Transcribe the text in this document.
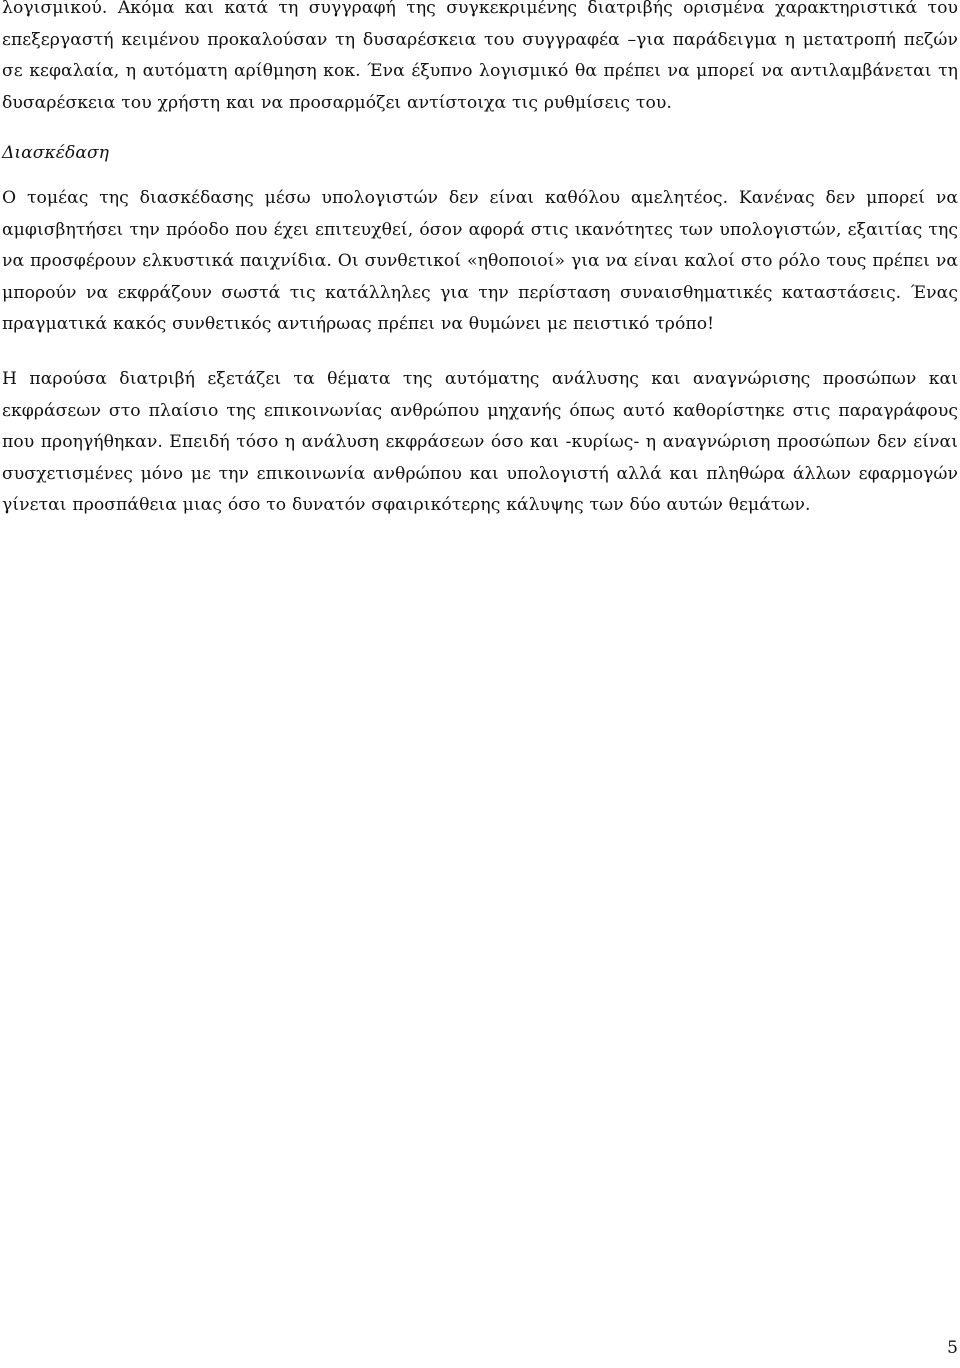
λογισμικού. Ακόμα και κατά τη συγγραφή της συγκεκριμένης διατριβής ορισμένα χαρακτηριστικά του επεξεργαστή κειμένου προκαλούσαν τη δυσαρέσκεια του συγγραφέα –για παράδειγμα η μετατροπή πεζών σε κεφαλαία, η αυτόματη αρίθμηση κοκ. Ένα έξυπνο λογισμικό θα πρέπει να μπορεί να αντιλαμβάνεται τη δυσαρέσκεια του χρήστη και να προσαρμόζει αντίστοιχα τις ρυθμίσεις του.

Διασκέδαση

Ο τομέας της διασκέδασης μέσω υπολογιστών δεν είναι καθόλου αμελητέος. Κανένας δεν μπορεί να αμφισβητήσει την πρόοδο που έχει επιτευχθεί, όσον αφορά στις ικανότητες των υπολογιστών, εξαιτίας της να προσφέρουν ελκυστικά παιχνίδια. Οι συνθετικοί «ηθοποιοί» για να είναι καλοί στο ρόλο τους πρέπει να μπορούν να εκφράζουν σωστά τις κατάλληλες για την περίσταση συναισθηματικές καταστάσεις. Ένας πραγματικά κακός συνθετικός αντιήρωας πρέπει να θυμώνει με πειστικό τρόπο!

Η παρούσα διατριβή εξετάζει τα θέματα της αυτόματης ανάλυσης και αναγνώρισης προσώπων και εκφράσεων στο πλαίσιο της επικοινωνίας ανθρώπου μηχανής όπως αυτό καθορίστηκε στις παραγράφους που προηγήθηκαν. Επειδή τόσο η ανάλυση εκφράσεων όσο και -κυρίως- η αναγνώριση προσώπων δεν είναι συσχετισμένες μόνο με την επικοινωνία ανθρώπου και υπολογιστή αλλά και πληθώρα άλλων εφαρμογών γίνεται προσπάθεια μιας όσο το δυνατόν σφαιρικότερης κάλυψης των δύο αυτών θεμάτων.

5
